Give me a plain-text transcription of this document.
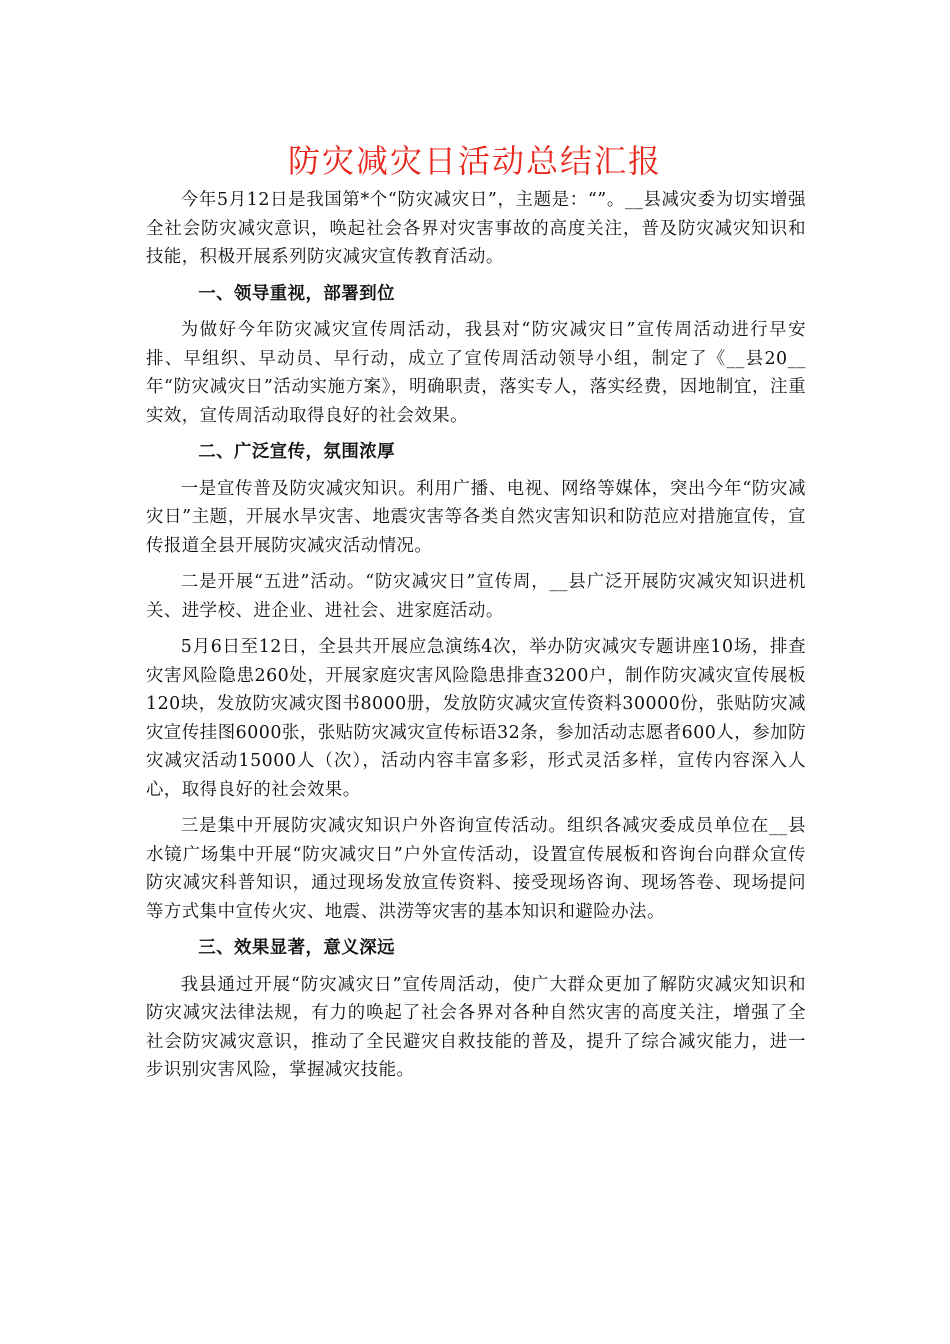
防灾减灾日活动总结汇报

今年5月12日是我国第*个“防灾减灾日”，主题是：“”。__县减灾委为切实增强全社会防灾减灾意识，唤起社会各界对灾害事故的高度关注，普及防灾减灾知识和技能，积极开展系列防灾减灾宣传教育活动。

一、领导重视，部署到位

为做好今年防灾减灾宣传周活动，我县对“防灾减灾日”宣传周活动进行早安排、早组织、早动员、早行动，成立了宣传周活动领导小组，制定了《__县20__年“防灾减灾日”活动实施方案》，明确职责，落实专人，落实经费，因地制宜，注重实效，宣传周活动取得良好的社会效果。

二、广泛宣传，氛围浓厚

一是宣传普及防灾减灾知识。利用广播、电视、网络等媒体，突出今年“防灾减灾日”主题，开展水旱灾害、地震灾害等各类自然灾害知识和防范应对措施宣传，宣传报道全县开展防灾减灾活动情况。

二是开展“五进”活动。“防灾减灾日”宣传周，__县广泛开展防灾减灾知识进机关、进学校、进企业、进社会、进家庭活动。

5月6日至12日，全县共开展应急演练4次，举办防灾减灾专题讲座10场，排查灾害风险隐患260处，开展家庭灾害风险隐患排查3200户，制作防灾减灾宣传展板120块，发放防灾减灾图书8000册，发放防灾减灾宣传资料30000份，张贴防灾减灾宣传挂图6000张，张贴防灾减灾宣传标语32条，参加活动志愿者600人，参加防灾减灾活动15000人（次），活动内容丰富多彩，形式灵活多样，宣传内容深入人心，取得良好的社会效果。

三是集中开展防灾减灾知识户外咨询宣传活动。组织各减灾委成员单位在__县水镜广场集中开展“防灾减灾日”户外宣传活动，设置宣传展板和咨询台向群众宣传防灾减灾科普知识，通过现场发放宣传资料、接受现场咨询、现场答卷、现场提问等方式集中宣传火灾、地震、洪涝等灾害的基本知识和避险办法。

三、效果显著，意义深远

我县通过开展“防灾减灾日”宣传周活动，使广大群众更加了解防灾减灾知识和防灾减灾法律法规，有力的唤起了社会各界对各种自然灾害的高度关注，增强了全社会防灾减灾意识，推动了全民避灾自救技能的普及，提升了综合减灾能力，进一步识别灾害风险，掌握减灾技能。
